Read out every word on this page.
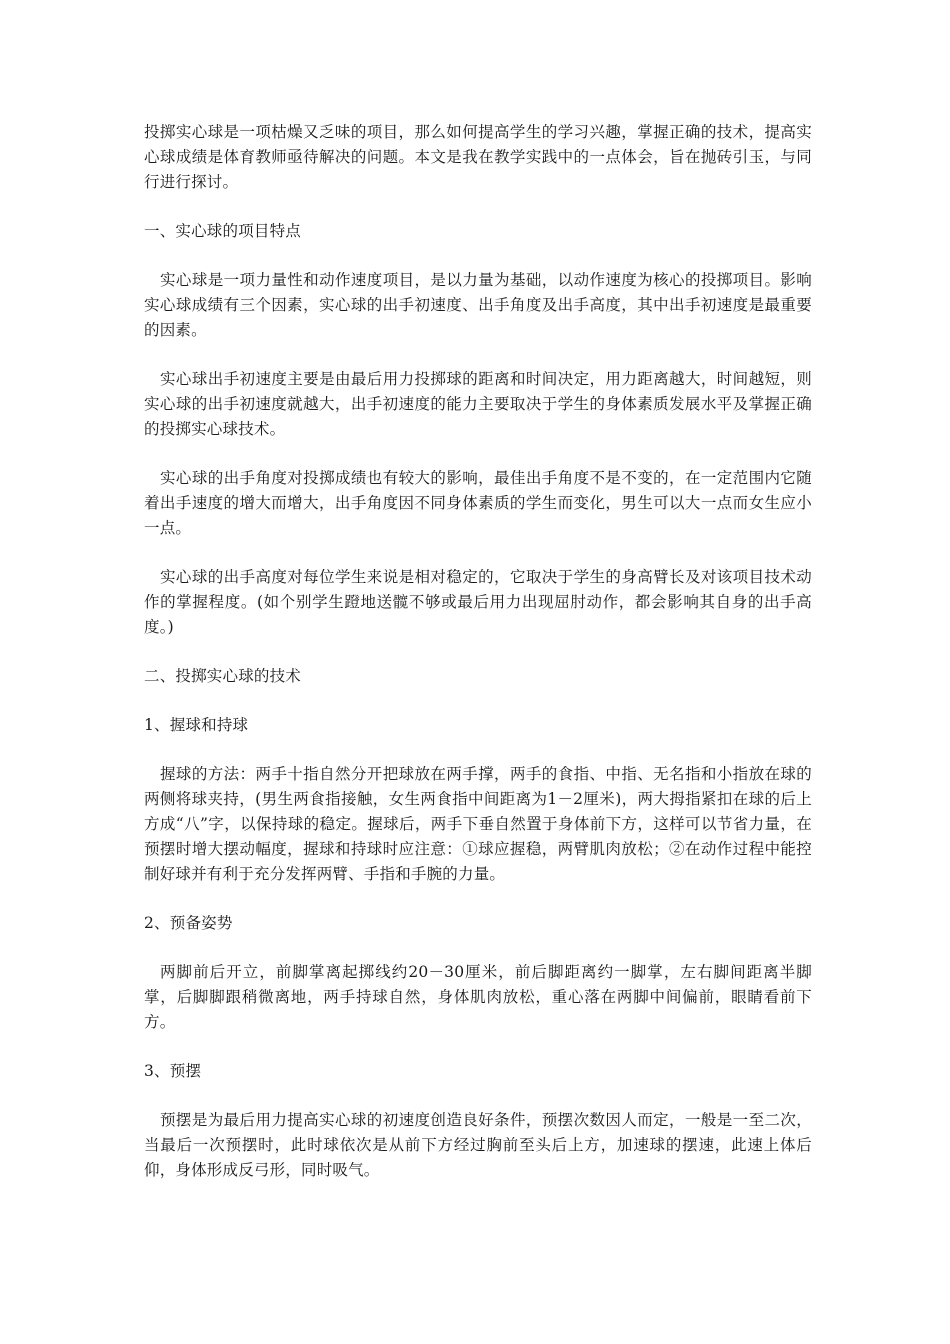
投掷实心球是一项枯燥又乏味的项目，那么如何提高学生的学习兴趣，掌握正确的技术，提高实心球成绩是体育教师亟待解决的问题。本文是我在教学实践中的一点体会，旨在抛砖引玉，与同行进行探讨。

一、实心球的项目特点

实心球是一项力量性和动作速度项目，是以力量为基础，以动作速度为核心的投掷项目。影响实心球成绩有三个因素，实心球的出手初速度、出手角度及出手高度，其中出手初速度是最重要的因素。

实心球出手初速度主要是由最后用力投掷球的距离和时间决定，用力距离越大，时间越短，则实心球的出手初速度就越大，出手初速度的能力主要取决于学生的身体素质发展水平及掌握正确的投掷实心球技术。

实心球的出手角度对投掷成绩也有较大的影响，最佳出手角度不是不变的，在一定范围内它随着出手速度的增大而增大，出手角度因不同身体素质的学生而变化，男生可以大一点而女生应小一点。

实心球的出手高度对每位学生来说是相对稳定的，它取决于学生的身高臂长及对该项目技术动作的掌握程度。(如个别学生蹬地送髋不够或最后用力出现屈肘动作，都会影响其自身的出手高度。)

二、投掷实心球的技术

1、握球和持球

握球的方法：两手十指自然分开把球放在两手撑，两手的食指、中指、无名指和小指放在球的两侧将球夹持，(男生两食指接触，女生两食指中间距离为1－2厘米)，两大拇指紧扣在球的后上方成“八”字，以保持球的稳定。握球后，两手下垂自然置于身体前下方，这样可以节省力量，在预摆时增大摆动幅度，握球和持球时应注意：①球应握稳，两臂肌肉放松；②在动作过程中能控制好球并有利于充分发挥两臂、手指和手腕的力量。

2、预备姿势

两脚前后开立，前脚掌离起掷线约20－30厘米，前后脚距离约一脚掌，左右脚间距离半脚掌，后脚脚跟稍微离地，两手持球自然，身体肌肉放松，重心落在两脚中间偏前，眼睛看前下方。

3、预摆

预摆是为最后用力提高实心球的初速度创造良好条件，预摆次数因人而定，一般是一至二次，当最后一次预摆时，此时球依次是从前下方经过胸前至头后上方，加速球的摆速，此速上体后仰，身体形成反弓形，同时吸气。
